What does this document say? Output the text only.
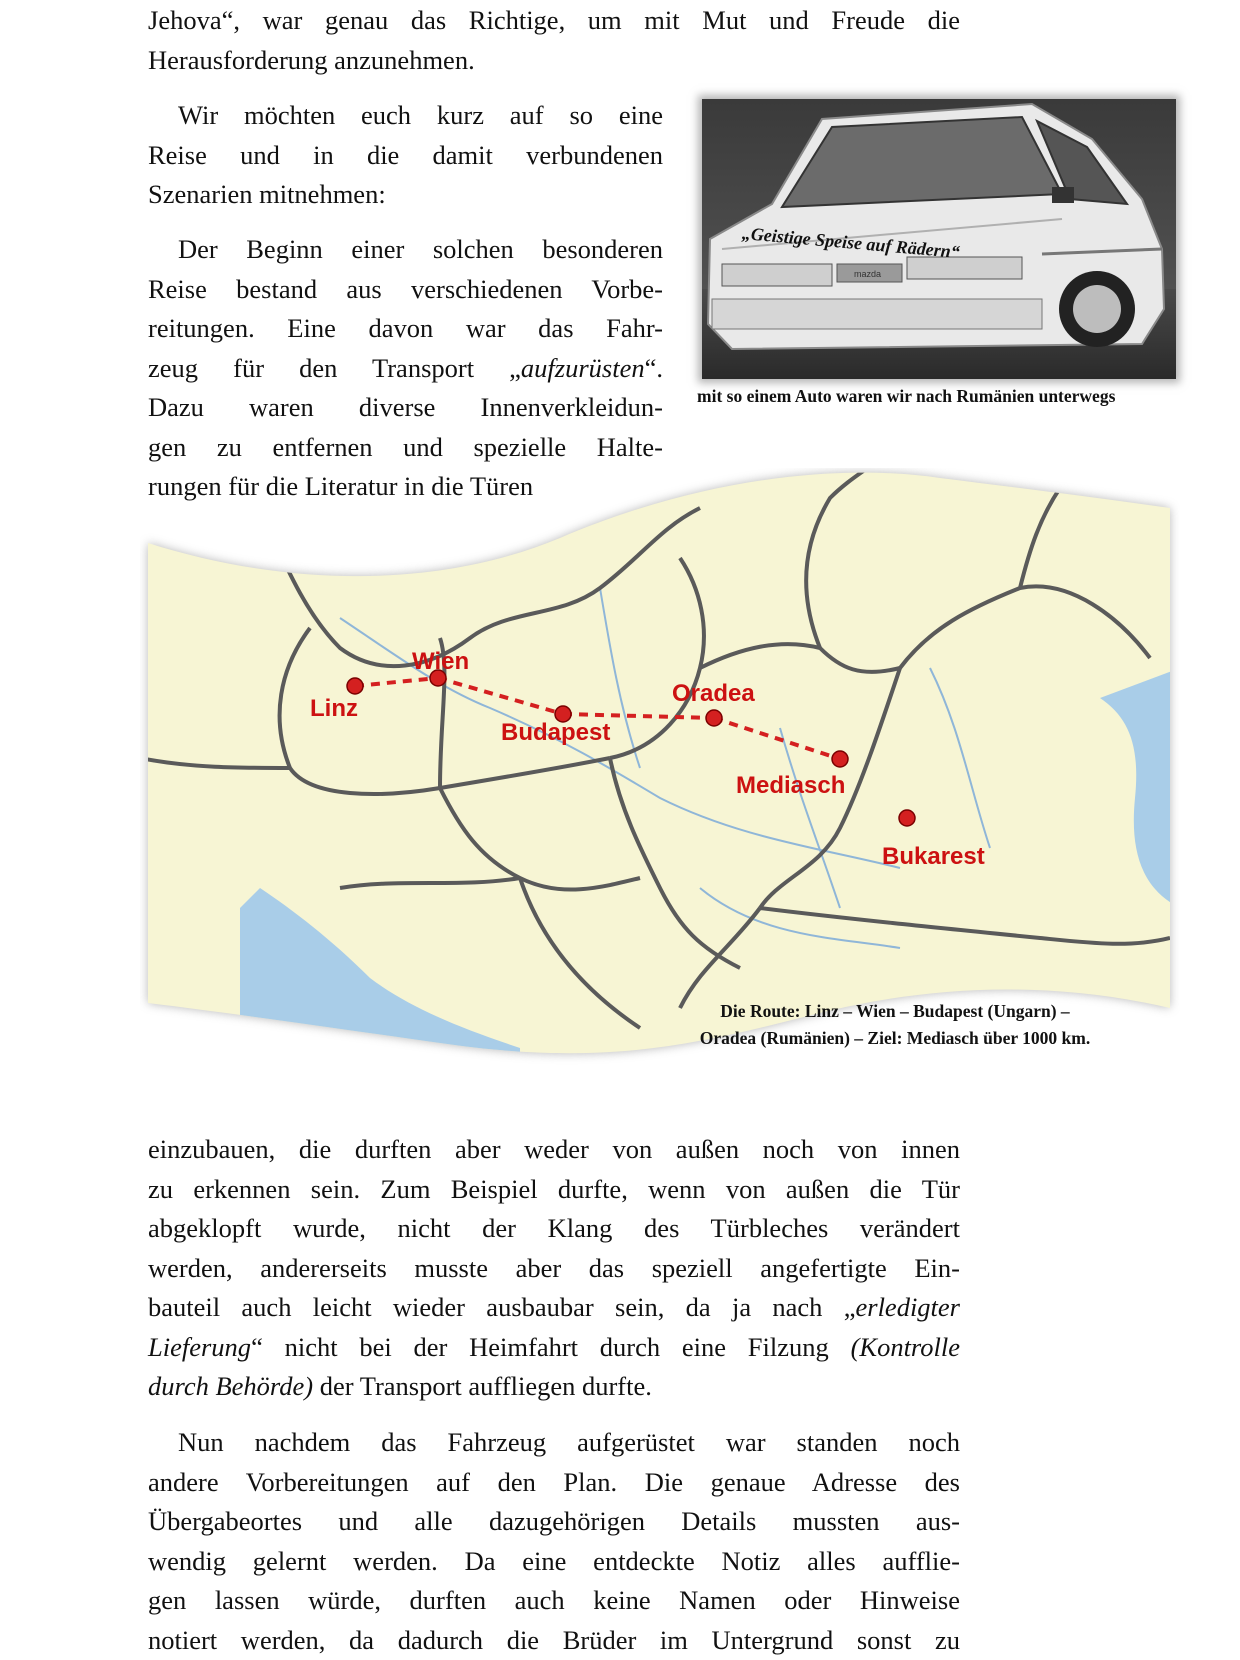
Jehova“, war genau das Richtige, um mit Mut und Freude die
Herausforderung anzunehmen.
Wir möchten euch kurz auf so eine
Reise und in die damit verbundenen
Szenarien mitnehmen:
Der Beginn einer solchen besonderen
Reise bestand aus verschiedenen Vorbe-
reitungen. Eine davon war das Fahr-
zeug für den Transport „aufzurüsten“.
Dazu waren diverse Innenverkleidun-
gen zu entfernen und spezielle Halte-
rungen für die Literatur in die Türen
mazda
„Geistige Speise auf Rädern“
mit so einem Auto waren wir nach Rumänien unterwegs
Wien
Linz
Budapest
Oradea
Mediasch
Bukarest
Die Route: Linz – Wien – Budapest (Ungarn) –
Oradea (Rumänien) – Ziel: Mediasch über 1000 km.
einzubauen, die durften aber weder von außen noch von innen
zu erkennen sein. Zum Beispiel durfte, wenn von außen die Tür
abgeklopft wurde, nicht der Klang des Türbleches verändert
werden, andererseits musste aber das speziell angefertigte Ein-
bauteil auch leicht wieder ausbaubar sein, da ja nach „erledigter
Lieferung“ nicht bei der Heimfahrt durch eine Filzung (Kontrolle
durch Behörde) der Transport auffliegen durfte.
Nun nachdem das Fahrzeug aufgerüstet war standen noch
andere Vorbereitungen auf den Plan. Die genaue Adresse des
Übergabeortes und alle dazugehörigen Details mussten aus-
wendig gelernt werden. Da eine entdeckte Notiz alles aufflie-
gen lassen würde, durften auch keine Namen oder Hinweise
notiert werden, da dadurch die Brüder im Untergrund sonst zu
